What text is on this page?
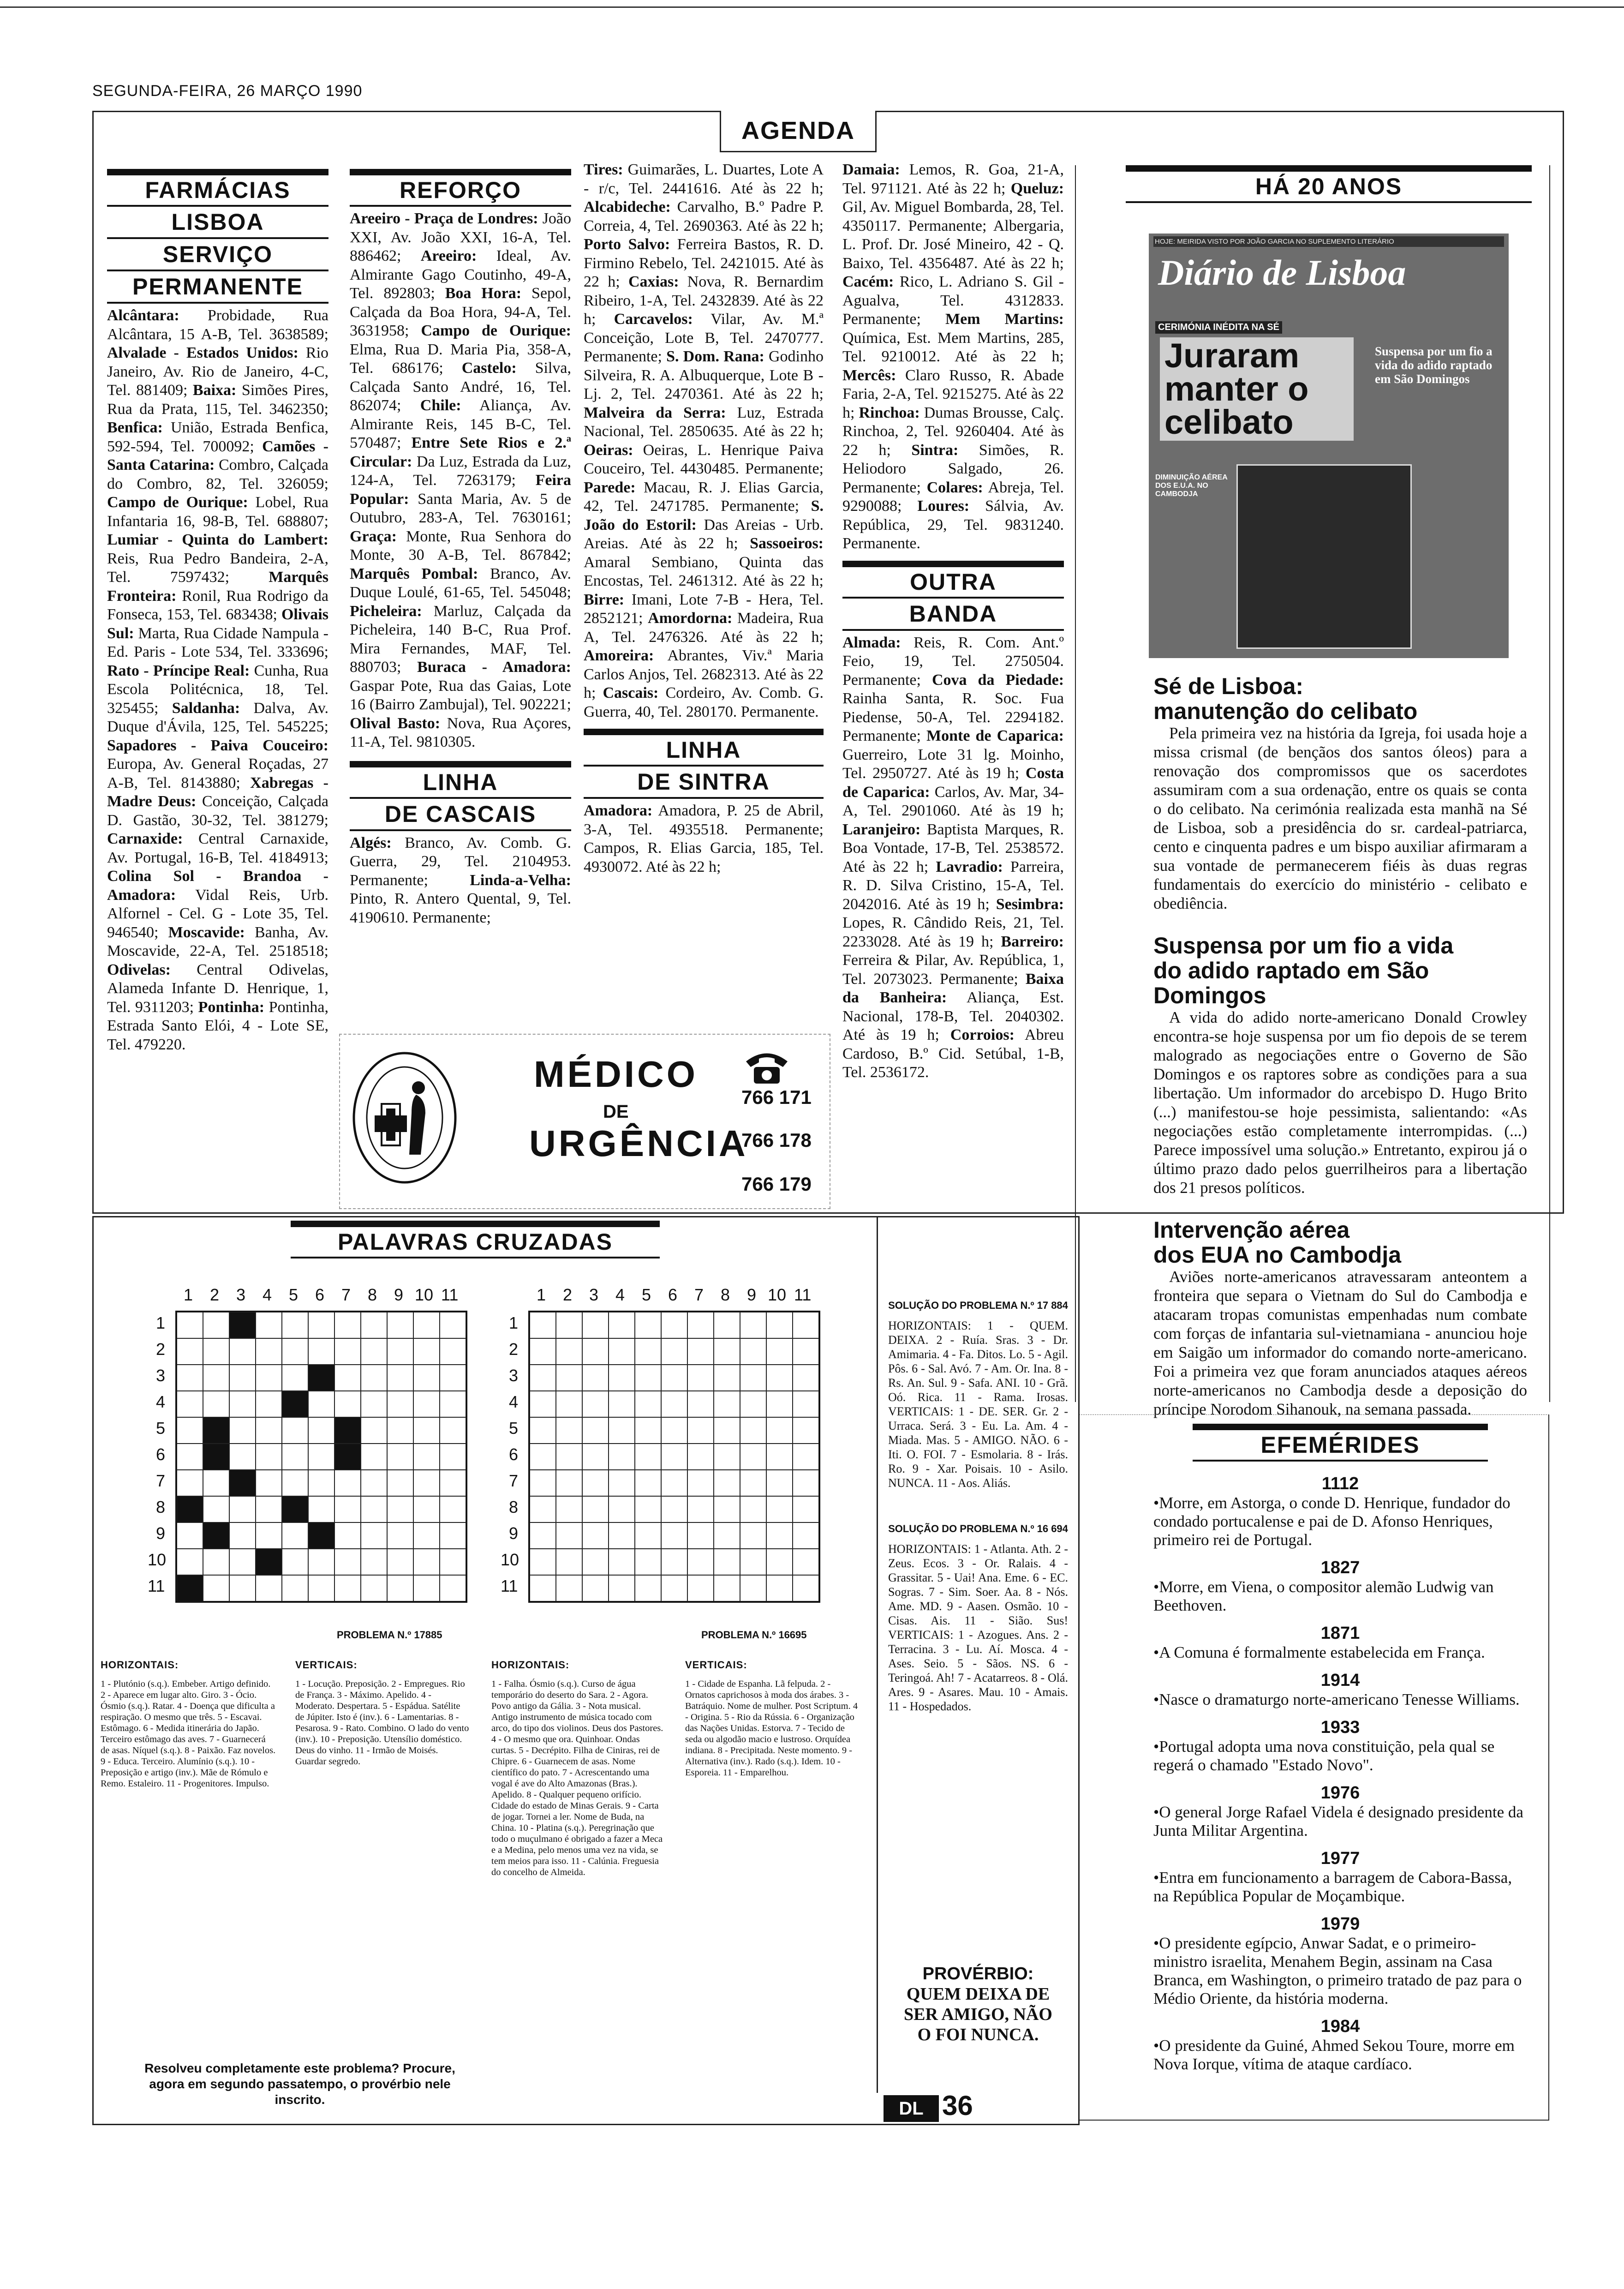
SEGUNDA-FEIRA, 26 MARÇO 1990
AGENDA
FARMÁCIAS
LISBOA
SERVIÇO
PERMANENTE
Alcântara: Probidade, Rua Alcântara, 15 A-B, Tel. 3638589; Alvalade - Estados Unidos: Rio Janeiro, Av. Rio de Janeiro, 4-C, Tel. 881409; Baixa: Simões Pires, Rua da Prata, 115, Tel. 3462350; Benfica: União, Estrada Benfica, 592-594, Tel. 700092; Camões - Santa Catarina: Combro, Calçada do Combro, 82, Tel. 326059; Campo de Ourique: Lobel, Rua Infantaria 16, 98-B, Tel. 688807; Lumiar - Quinta do Lambert: Reis, Rua Pedro Bandeira, 2-A, Tel. 7597432;	Marquês Fronteira: Ronil, Rua Rodrigo da Fonseca, 153, Tel. 683438; Olivais Sul: Marta, Rua Cidade Nampula - Ed. Paris - Lote 534, Tel. 333696; Rato - Príncipe Real: Cunha, Rua Escola Politécnica, 18, Tel. 325455; Saldanha: Dalva, Av. Duque d'Ávila, 125, Tel. 545225; Sapadores - Paiva Couceiro: Europa, Av. General Roçadas, 27 A-B, Tel. 8143880; Xabregas - Madre Deus: Conceição, Calçada D. Gastão, 30-32, Tel. 381279; Carnaxide: Central Carnaxide, Av. Portugal, 16-B, Tel. 4184913; Colina Sol - Brandoa - Amadora: Vidal Reis, Urb. Alfornel - Cel. G - Lote 35, Tel. 946540; Moscavide: Banha, Av. Moscavide, 22-A, Tel. 2518518; Odivelas: Central Odivelas, Alameda Infante D. Henrique, 1, Tel. 9311203; Pontinha: Pontinha, Estrada Santo Elói, 4 - Lote SE, Tel. 479220.
REFORÇO
Areeiro - Praça de Londres: João XXI, Av. João XXI, 16-A, Tel. 886462; Areeiro: Ideal, Av. Almirante Gago Coutinho, 49-A, Tel. 892803; Boa Hora: Sepol, Calçada da Boa Hora, 94-A, Tel. 3631958; Campo de Ourique: Elma, Rua D. Maria Pia, 358-A, Tel. 686176; Castelo: Silva, Calçada Santo André, 16, Tel. 862074; Chile: Aliança, Av. Almirante Reis, 145 B-C, Tel. 570487; Entre Sete Rios e 2.ª Circular: Da Luz, Estrada da Luz, 124-A, Tel. 7263179; Feira Popular: Santa Maria, Av. 5 de Outubro, 283-A, Tel. 7630161; Graça: Monte, Rua Senhora do Monte, 30 A-B, Tel. 867842; Marquês Pombal: Branco, Av. Duque Loulé, 61-65, Tel. 545048; Picheleira: Marluz, Calçada da Picheleira, 140 B-C, Rua Prof. Mira Fernandes, MAF, Tel. 880703; Buraca - Amadora: Gaspar Pote, Rua das Gaias, Lote 16 (Bairro Zambujal), Tel. 902221; Olival Basto: Nova, Rua Açores, 11-A, Tel. 9810305.
LINHA
DE CASCAIS
Algés: Branco, Av. Comb. G. Guerra, 29, Tel. 2104953. Permanente;	Linda-a-Velha: Pinto, R. Antero Quental, 9, Tel. 4190610. Permanente;
Tires: Guimarães, L. Duartes, Lote A - r/c, Tel. 2441616. Até às 22 h; Alcabideche: Carvalho, B.º Padre P. Correia, 4, Tel. 2690363. Até às 22 h; Porto Salvo: Ferreira Bastos, R. D. Firmino Rebelo, Tel. 2421015. Até às 22 h; Caxias: Nova, R. Bernardim Ribeiro, 1-A, Tel. 2432839. Até às 22 h; Carcavelos: Vilar, Av. M.ª Conceição, Lote B, Tel. 2470777. Permanente; S. Dom. Rana: Godinho Silveira, R. A. Albuquerque, Lote B - Lj. 2, Tel. 2470361. Até às 22 h; Malveira da Serra: Luz, Estrada Nacional, Tel. 2850635. Até às 22 h; Oeiras: Oeiras, L. Henrique Paiva Couceiro, Tel. 4430485. Permanente; Parede: Macau, R. J. Elias Garcia, 42, Tel. 2471785. Permanente; S. João do Estoril: Das Areias - Urb. Areias. Até às 22 h; Sassoeiros: Amaral Sembiano, Quinta das Encostas, Tel. 2461312. Até às 22 h; Birre: Imani, Lote 7-B - Hera, Tel. 2852121; Amordorna: Madeira, Rua A, Tel. 2476326. Até às 22 h; Amoreira: Abrantes, Viv.ª Maria Carlos Anjos, Tel. 2682313. Até às 22 h; Cascais: Cordeiro, Av. Comb. G. Guerra, 40, Tel. 280170. Permanente.
LINHA
DE SINTRA
Amadora: Amadora, P. 25 de Abril, 3-A, Tel. 4935518. Permanente; Campos, R. Elias Garcia, 185, Tel. 4930072. Até às 22 h;
Damaia: Lemos, R. Goa, 21-A, Tel. 971121. Até às 22 h; Queluz: Gil, Av. Miguel Bombarda, 28, Tel. 4350117. Permanente; Albergaria, L. Prof. Dr. José Mineiro, 42 - Q. Baixo, Tel. 4356487. Até às 22 h; Cacém: Rico, L. Adriano S. Gil - Agualva, Tel. 4312833. Permanente; Mem Martins: Química, Est. Mem Martins, 285, Tel. 9210012. Até às 22 h; Mercês: Claro Russo, R. Abade Faria, 2-A, Tel. 9215275. Até às 22 h; Rinchoa: Dumas Brousse, Calç. Rinchoa, 2, Tel. 9260404. Até às 22 h; Sintra: Simões, R. Heliodoro Salgado, 26. Permanente; Colares: Abreja, Tel. 9290088; Loures: Sálvia, Av. República, 29, Tel. 9831240. Permanente.
OUTRA
BANDA
Almada: Reis, R. Com. Ant.º Feio, 19, Tel. 2750504. Permanente; Cova da Piedade: Rainha Santa, R. Soc. Fua Piedense, 50-A, Tel. 2294182. Permanente; Monte de Caparica: Guerreiro, Lote 31 lg. Moinho, Tel. 2950727. Até às 19 h; Costa de Caparica: Carlos, Av. Mar, 34-A, Tel. 2901060. Até às 19 h; Laranjeiro: Baptista Marques, R. Boa Vontade, 17-B, Tel. 2538572. Até às 22 h; Lavradio: Parreira, R. D. Silva Cristino, 15-A, Tel. 2042016. Até às 19 h; Sesimbra: Lopes, R. Cândido Reis, 21, Tel. 2233028. Até às 19 h; Barreiro: Ferreira & Pilar, Av. República, 1, Tel. 2073023. Permanente; Baixa da Banheira: Aliança, Est. Nacional, 178-B, Tel. 2040302. Até às 19 h; Corroios: Abreu Cardoso, B.º Cid. Setúbal, 1-B, Tel. 2536172.
MÉDICO
DE
URGÊNCIA
766 171
766 178
766 179
HÁ 20 ANOS
HOJE: MEIRIDA VISTO POR JOÃO GARCIA NO SUPLEMENTO LITERÁRIO
Diário de Lisboa
CERIMÓNIA INÉDITA NA SÉ
Juraram manter o celibato
DIMINUIÇÃO AÉREA DOS E.U.A. NO CAMBODJA
Suspensa por um fio a vida do adido raptado em São Domingos
Sé de Lisboa:
manutenção do celibato
Pela primeira vez na história da Igreja, foi usada hoje a missa crismal (de bençãos dos santos óleos) para a renovação dos compromissos que os sacerdotes assumiram com a sua ordenação, entre os quais se conta o do celibato. Na cerimónia realizada esta manhã na Sé de Lisboa, sob a presidência do sr. cardeal-patriarca, cento e cinquenta padres e um bispo auxiliar afirmaram a sua vontade de permanecerem fiéis às duas regras fundamentais do exercício do ministério - celibato e obediência.
Suspensa por um fio a vida
do adido raptado em São Domingos
A vida do adido norte-americano Donald Crowley encontra-se hoje suspensa por um fio depois de se terem malogrado as negociações entre o Governo de São Domingos e os raptores sobre as condições para a sua libertação. Um informador do arcebispo D. Hugo Brito (...) manifestou-se hoje pessimista, salientando: «As negociações estão completamente interrompidas. (...) Parece impossível uma solução.» Entretanto, expirou já o último prazo dado pelos guerrilheiros para a libertação dos 21 presos políticos.
Intervenção aérea
dos EUA no Cambodja
Aviões norte-americanos atravessaram anteontem a fronteira que separa o Vietnam do Sul do Cambodja e atacaram tropas comunistas empenhadas num combate com forças de infantaria sul-vietnamiana - anunciou hoje em Saigão um informador do comando norte-americano. Foi a primeira vez que foram anunciados ataques aéreos norte-americanos no Cambodja desde a deposição do príncipe Norodom Sihanouk, na semana passada.
EFEMÉRIDES
1112
•Morre, em Astorga, o conde D. Henrique, fundador do condado portucalense e pai de D. Afonso Henriques, primeiro rei de Portugal.
1827
•Morre, em Viena, o compositor alemão Ludwig van Beethoven.
1871
•A Comuna é formalmente estabelecida em França.
1914
•Nasce o dramaturgo norte-americano Tenesse Williams.
1933
•Portugal adopta uma nova constituição, pela qual se regerá o chamado "Estado Novo".
1976
•O general Jorge Rafael Videla é designado presidente da Junta Militar Argentina.
1977
•Entra em funcionamento a barragem de Cabora-Bassa, na República Popular de Moçambique.
1979
•O presidente egípcio, Anwar Sadat, e o primeiro-ministro israelita, Menahem Begin, assinam na Casa Branca, em Washington, o primeiro tratado de paz para o Médio Oriente, da história moderna.
1984
•O presidente da Guiné, Ahmed Sekou Toure, morre em Nova Iorque, vítima de ataque cardíaco.
PALAVRAS CRUZADAS
1 2 3 4 5 6 7 8 9 10 11
1
2
3
4
5
6
7
8
9
10
11
1 2 3 4 5 6 7 8 9 10 11
1
2
3
4
5
6
7
8
9
10
11
PROBLEMA N.º 17885	PROBLEMA N.º 16695
HORIZONTAIS:
1 - Plutónio (s.q.). Embeber. Artigo definido. 2 - Aparece em lugar alto. Giro. 3 - Ócio. Ósmio (s.q.). Ratar. 4 - Doença que dificulta a respiração. O mesmo que três. 5 - Escavai. Estômago. 6 - Medida itinerária do Japão. Terceiro estômago das aves. 7 - Guarnecerá de asas. Níquel (s.q.). 8 - Paixão. Faz novelos. 9 - Educa. Terceiro. Alumínio (s.q.). 10 - Preposição e artigo (inv.). Mãe de Rómulo e Remo. Estaleiro. 11 - Progenitores. Impulso.
VERTICAIS:
1 - Locução. Preposição. 2 - Empregues. Rio de França. 3 - Máximo. Apelido. 4 - Moderato. Despertara. 5 - Espádua. Satélite de Júpiter. Isto é (inv.). 6 - Lamentarias. 8 - Pesarosa. 9 - Rato. Combino. O lado do vento (inv.). 10 - Preposição. Utensílio doméstico. Deus do vinho. 11 - Irmão de Moisés. Guardar segredo.
HORIZONTAIS:
1 - Falha. Ósmio (s.q.). Curso de água temporário do deserto do Sara. 2 - Agora. Povo antigo da Gália. 3 - Nota musical. Antigo instrumento de música tocado com arco, do tipo dos violinos. Deus dos Pastores. 4 - O mesmo que ora. Quinhoar. Ondas curtas. 5 - Decrépito. Filha de Ciniras, rei de Chipre. 6 - Guarnecem de asas. Nome científico do pato. 7 - Acrescentando uma vogal é ave do Alto Amazonas (Bras.). Apelido. 8 - Qualquer pequeno orifício. Cidade do estado de Minas Gerais. 9 - Carta de jogar. Tornei a ler. Nome de Buda, na China. 10 - Platina (s.q.). Peregrinação que todo o muçulmano é obrigado a fazer a Meca e a Medina, pelo menos uma vez na vida, se tem meios para isso. 11 - Calúnia. Freguesia do concelho de Almeida.
VERTICAIS:
1 - Cidade de Espanha. Lã felpuda. 2 - Ornatos caprichosos à moda dos árabes. 3 - Batráquio. Nome de mulher. Post Scriptum. 4 - Origina. 5 - Rio da Rússia. 6 - Organização das Nações Unidas. Estorva. 7 - Tecido de seda ou algodão macio e lustroso. Orquídea indiana. 8 - Precipitada. Neste momento. 9 - Alternativa (inv.). Rado (s.q.). Idem. 10 - Esporeia. 11 - Emparelhou.
Resolveu completamente este problema? Procure, agora em segundo passatempo, o provérbio nele inscrito.
SOLUÇÃO DO PROBLEMA N.º 17 884
HORIZONTAIS: 1 - QUEM. DEIXA. 2 - Ruía. Sras. 3 - Dr. Amimaria. 4 - Fa. Ditos. Lo. 5 - Agil. Pôs. 6 - Sal. Avó. 7 - Am. Or. Ina. 8 - Rs. An. Sul. 9 - Safa. ANI. 10 - Grã. Oó. Rica. 11 - Rama. Irosas. VERTICAIS: 1 - DE. SER. Gr. 2 - Urraca. Será. 3 - Eu. La. Am. 4 - Miada. Mas. 5 - AMIGO. NÃO. 6 - Iti. O. FOI. 7 - Esmolaria. 8 - Irás. Ro. 9 - Xar. Poisais. 10 - Asilo. NUNCA. 11 - Aos. Aliás.
SOLUÇÃO DO PROBLEMA N.º 16 694
HORIZONTAIS: 1 - Atlanta. Ath. 2 - Zeus. Ecos. 3 - Or. Ralais. 4 - Grassitar. 5 - Uai! Ana. Eme. 6 - EC. Sogras. 7 - Sim. Soer. Aa. 8 - Nós. Ame. MD. 9 - Aasen. Osmão. 10 - Cisas. Ais. 11 - Sião. Sus! VERTICAIS: 1 - Azogues. Ans. 2 - Terracina. 3 - Lu. Aí. Mosca. 4 - Ases. Seio. 5 - Sãos. NS. 6 - Teringoá. Ah! 7 - Acatarreos. 8 - Olá. Ares. 9 - Asares. Mau. 10 - Amais. 11 - Hospedados.
PROVÉRBIO:
QUEM DEIXA DE SER AMIGO, NÃO O FOI NUNCA.
DL 36
